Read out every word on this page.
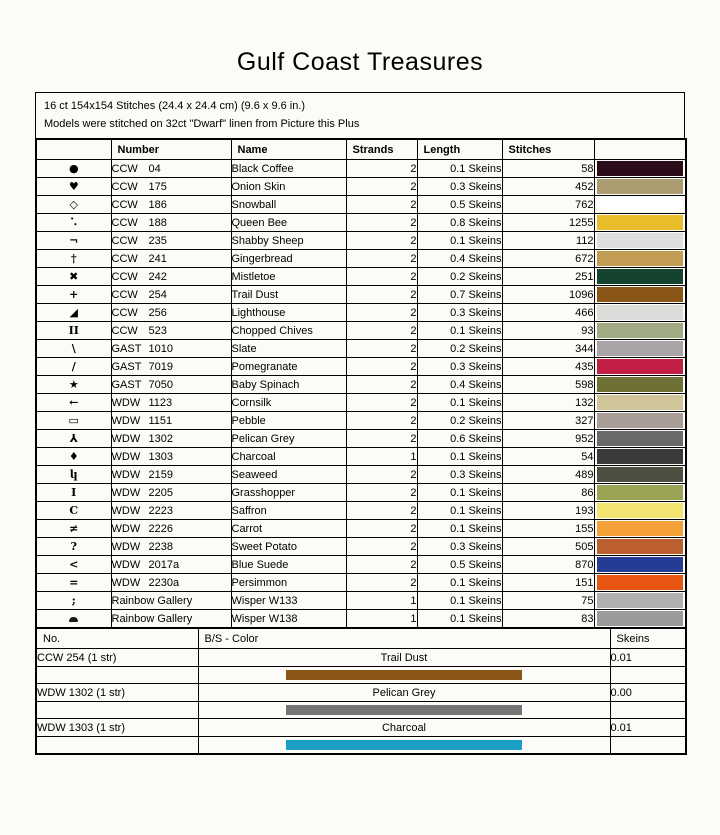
Gulf Coast Treasures
16 ct 154x154 Stitches (24.4 x 24.4 cm) (9.6 x 9.6 in.)
Models were stitched on 32ct "Dwarf" linen from Picture this Plus
	Number	Name	Strands	Length	Stitches	
●	CCW 04	Black Coffee	2	0.1 Skeins	58	

♥	CCW 175	Onion Skin	2	0.3 Skeins	452	

◇	CCW 186	Snowball	2	0.5 Skeins	762	

⠡	CCW 188	Queen Bee	2	0.8 Skeins	1255	

¬	CCW 235	Shabby Sheep	2	0.1 Skeins	112	

†	CCW 241	Gingerbread	2	0.4 Skeins	672	

✖	CCW 242	Mistletoe	2	0.2 Skeins	251	

+	CCW 254	Trail Dust	2	0.7 Skeins	1096	

◢	CCW 256	Lighthouse	2	0.3 Skeins	466	

II	CCW 523	Chopped Chives	2	0.1 Skeins	93	

\	GAST 1010	Slate	2	0.2 Skeins	344	

/	GAST 7019	Pomegranate	2	0.3 Skeins	435	

★	GAST 7050	Baby Spinach	2	0.4 Skeins	598	

←	WDW 1123	Cornsilk	2	0.1 Skeins	132	

▭	WDW 1151	Pebble	2	0.2 Skeins	327	

⅄	WDW 1302	Pelican Grey	2	0.6 Skeins	952	

♦	WDW 1303	Charcoal	1	0.1 Skeins	54	

կ	WDW 2159	Seaweed	2	0.3 Skeins	489	

I	WDW 2205	Grasshopper	2	0.1 Skeins	86	

C	WDW 2223	Saffron	2	0.1 Skeins	193	

≠	WDW 2226	Carrot	2	0.1 Skeins	155	

?	WDW 2238	Sweet Potato	2	0.3 Skeins	505	

<	WDW 2017a	Blue Suede	2	0.5 Skeins	870	

=	WDW 2230a	Persimmon	2	0.1 Skeins	151	

;	Rainbow Gallery	Wisper W133	1	0.1 Skeins	75	

	Rainbow Gallery	Wisper W138	1	0.1 Skeins	83	
No.	B/S - Color	Skeins
CCW 254 (1 str)	Trail Dust	0.01

WDW 1302 (1 str)	Pelican Grey	0.00

WDW 1303 (1 str)	Charcoal	0.01
